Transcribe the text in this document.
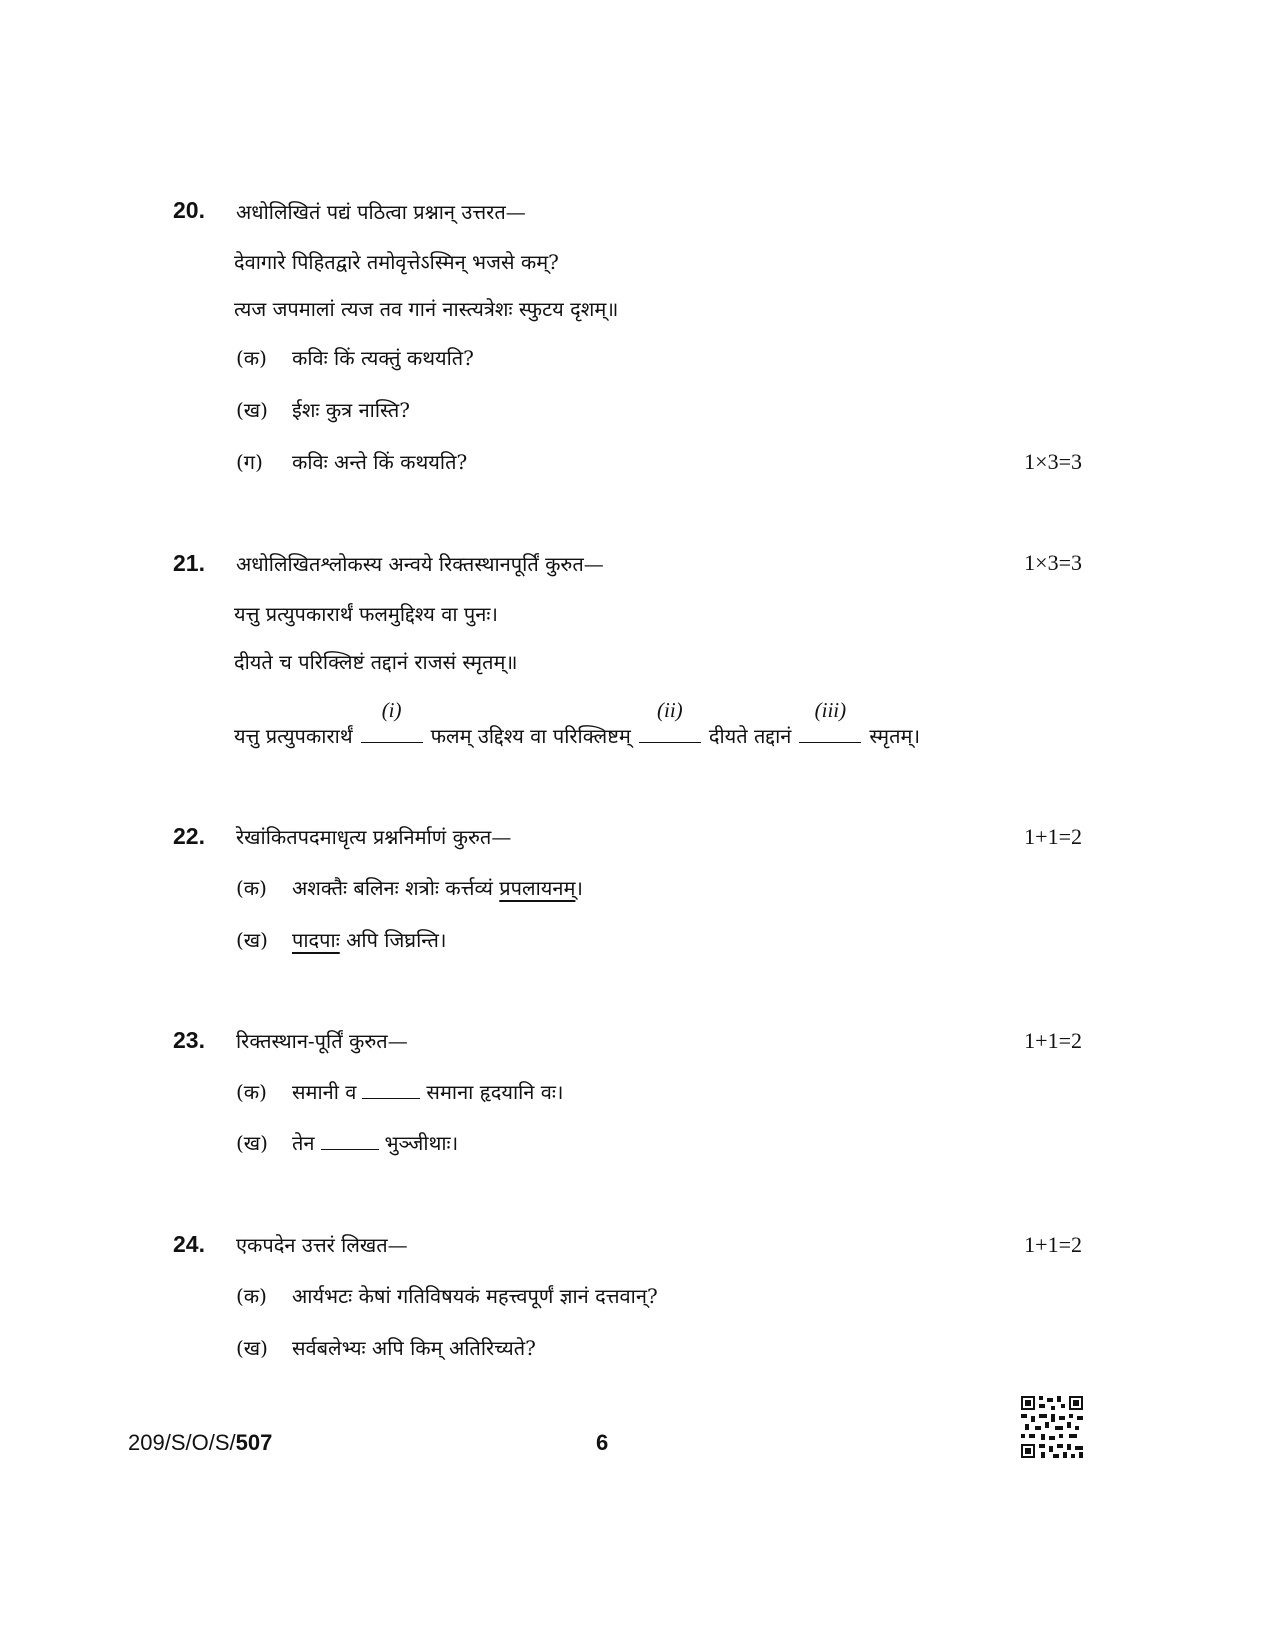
20. अधोलिखितं पद्यं पठित्वा प्रश्नान् उत्तरत—
देवागारे पिहितद्वारे तमोवृत्तेऽस्मिन् भजसे कम्?
त्यज जपमालां त्यज तव गानं नास्त्यत्रेशः स्फुटय दृशम्॥
(क) कविः किं त्यक्तुं कथयति?
(ख) ईशः कुत्र नास्ति?
(ग) कविः अन्ते किं कथयति?	1×3=3
21. अधोलिखितश्लोकस्य अन्वये रिक्तस्थानपूर्तिं कुरुत—	1×3=3
यत्तु प्रत्युपकारार्थं फलमुद्दिश्य वा पुनः।
दीयते च परिक्लिष्टं तद्दानं राजसं स्मृतम्॥
यत्तु प्रत्युपकारार्थं
(i)
फलम् उद्दिश्य वा परिक्लिष्टम्
(ii)
दीयते तद्दानं
(iii)
स्मृतम्।
22. रेखांकितपदमाधृत्य प्रश्ननिर्माणं कुरुत—	1+1=2
(क) अशक्तैः बलिनः शत्रोः कर्त्तव्यं प्रपलायनम्।
(ख) पादपाः अपि जिघ्रन्ति।
23. रिक्तस्थान-पूर्तिं कुरुत—	1+1=2
(क) समानी व	समाना हृदयानि वः।
(ख) तेन	भुञ्जीथाः।
24. एकपदेन उत्तरं लिखत—	1+1=2
(क) आर्यभटः केषां गतिविषयकं महत्त्वपूर्णं ज्ञानं दत्तवान्?
(ख) सर्वबलेभ्यः अपि किम् अतिरिच्यते?
209/S/O/S/507	6
